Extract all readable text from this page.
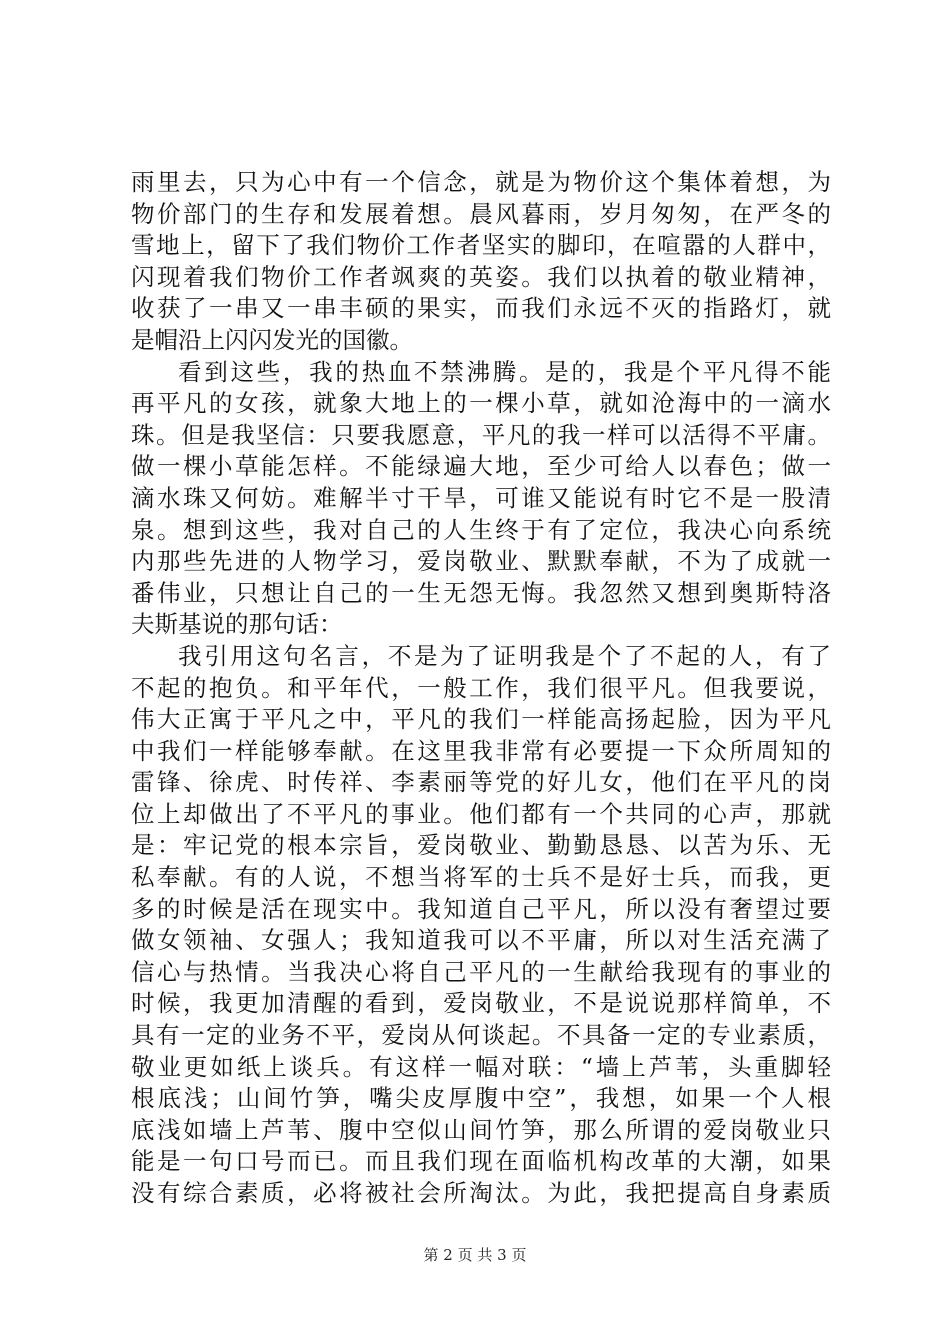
雨里去，只为心中有一个信念，就是为物价这个集体着想，为
物价部门的生存和发展着想。晨风暮雨，岁月匆匆，在严冬的
雪地上，留下了我们物价工作者坚实的脚印，在喧嚣的人群中，
闪现着我们物价工作者飒爽的英姿。我们以执着的敬业精神，
收获了一串又一串丰硕的果实，而我们永远不灭的指路灯，就
是帽沿上闪闪发光的国徽。
看到这些，我的热血不禁沸腾。是的，我是个平凡得不能
再平凡的女孩，就象大地上的一棵小草，就如沧海中的一滴水
珠。但是我坚信：只要我愿意，平凡的我一样可以活得不平庸。
做一棵小草能怎样。不能绿遍大地，至少可给人以春色；做一
滴水珠又何妨。难解半寸干旱，可谁又能说有时它不是一股清
泉。想到这些，我对自己的人生终于有了定位，我决心向系统
内那些先进的人物学习，爱岗敬业、默默奉献，不为了成就一
番伟业，只想让自己的一生无怨无悔。我忽然又想到奥斯特洛
夫斯基说的那句话：
我引用这句名言，不是为了证明我是个了不起的人，有了
不起的抱负。和平年代，一般工作，我们很平凡。但我要说，
伟大正寓于平凡之中，平凡的我们一样能高扬起脸，因为平凡
中我们一样能够奉献。在这里我非常有必要提一下众所周知的
雷锋、徐虎、时传祥、李素丽等党的好儿女，他们在平凡的岗
位上却做出了不平凡的事业。他们都有一个共同的心声，那就
是：牢记党的根本宗旨，爱岗敬业、勤勤恳恳、以苦为乐、无
私奉献。有的人说，不想当将军的士兵不是好士兵，而我，更
多的时候是活在现实中。我知道自己平凡，所以没有奢望过要
做女领袖、女强人；我知道我可以不平庸，所以对生活充满了
信心与热情。当我决心将自己平凡的一生献给我现有的事业的
时候，我更加清醒的看到，爱岗敬业，不是说说那样简单，不
具有一定的业务不平，爱岗从何谈起。不具备一定的专业素质，
敬业更如纸上谈兵。有这样一幅对联：“墙上芦苇，头重脚轻
根底浅；山间竹笋，嘴尖皮厚腹中空”，我想，如果一个人根
底浅如墙上芦苇、腹中空似山间竹笋，那么所谓的爱岗敬业只
能是一句口号而已。而且我们现在面临机构改革的大潮，如果
没有综合素质，必将被社会所淘汰。为此，我把提高自身素质
第 2 页 共 3 页
